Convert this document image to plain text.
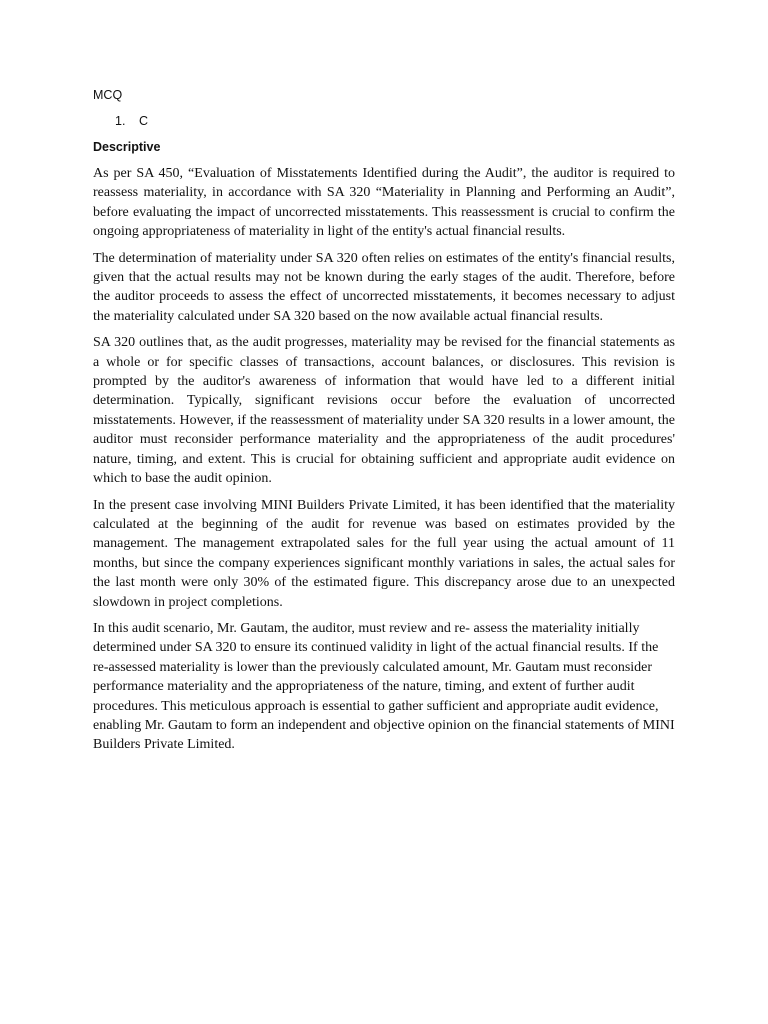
MCQ

1.	C

Descriptive

As per SA 450, “Evaluation of Misstatements Identified during the Audit”, the auditor is required to reassess materiality, in accordance with SA 320 “Materiality in Planning and Performing an Audit”, before evaluating the impact of uncorrected misstatements. This reassessment is crucial to confirm the ongoing appropriateness of materiality in light of the entity's actual financial results.

The determination of materiality under SA 320 often relies on estimates of the entity's financial results, given that the actual results may not be known during the early stages of the audit. Therefore, before the auditor proceeds to assess the effect of uncorrected misstatements, it becomes necessary to adjust the materiality calculated under SA 320 based on the now available actual financial results.

SA 320 outlines that, as the audit progresses, materiality may be revised for the financial statements as a whole or for specific classes of transactions, account balances, or disclosures. This revision is prompted by the auditor's awareness of information that would have led to a different initial determination. Typically, significant revisions occur before the evaluation of uncorrected misstatements. However, if the reassessment of materiality under SA 320 results in a lower amount, the auditor must reconsider performance materiality and the appropriateness of the audit procedures' nature, timing, and extent. This is crucial for obtaining sufficient and appropriate audit evidence on which to base the audit opinion.

In the present case involving MINI Builders Private Limited, it has been identified that the materiality calculated at the beginning of the audit for revenue was based on estimates provided by the management. The management extrapolated sales for the full year using the actual amount of 11 months, but since the company experiences significant monthly variations in sales, the actual sales for the last month were only 30% of the estimated figure. This discrepancy arose due to an unexpected slowdown in project completions.

In this audit scenario, Mr. Gautam, the auditor, must review and re- assess the materiality initially determined under SA 320 to ensure its continued validity in light of the actual financial results. If the re-assessed materiality is lower than the previously calculated amount, Mr. Gautam must reconsider performance materiality and the appropriateness of the nature, timing, and extent of further audit procedures. This meticulous approach is essential to gather sufficient and appropriate audit evidence, enabling Mr. Gautam to form an independent and objective opinion on the financial statements of MINI Builders Private Limited.
